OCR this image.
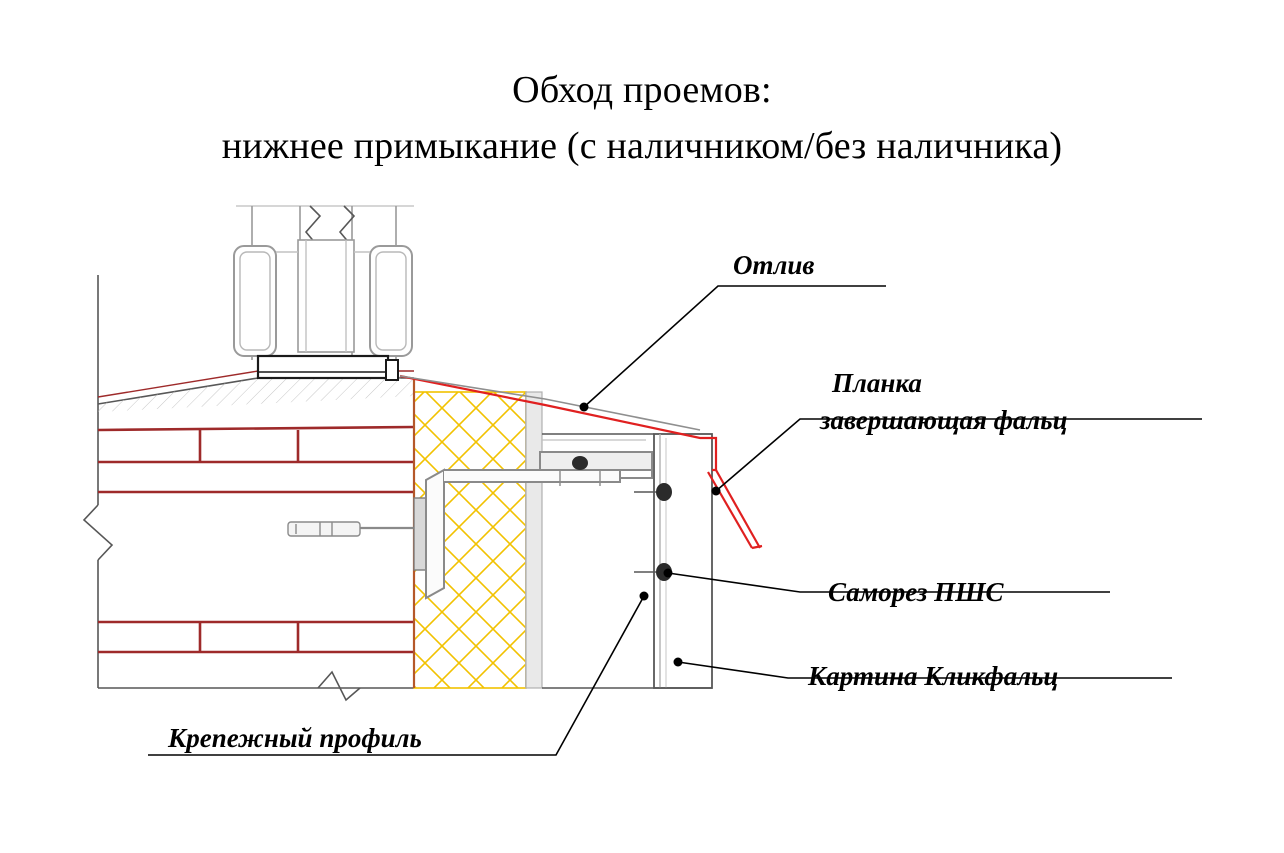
Обход проемов:
нижнее примыкание (с наличником/без наличника)
Отлив
Планка
завершающая фальц
Саморез ПШС
Картина Кликфальц
Крепежный профиль
